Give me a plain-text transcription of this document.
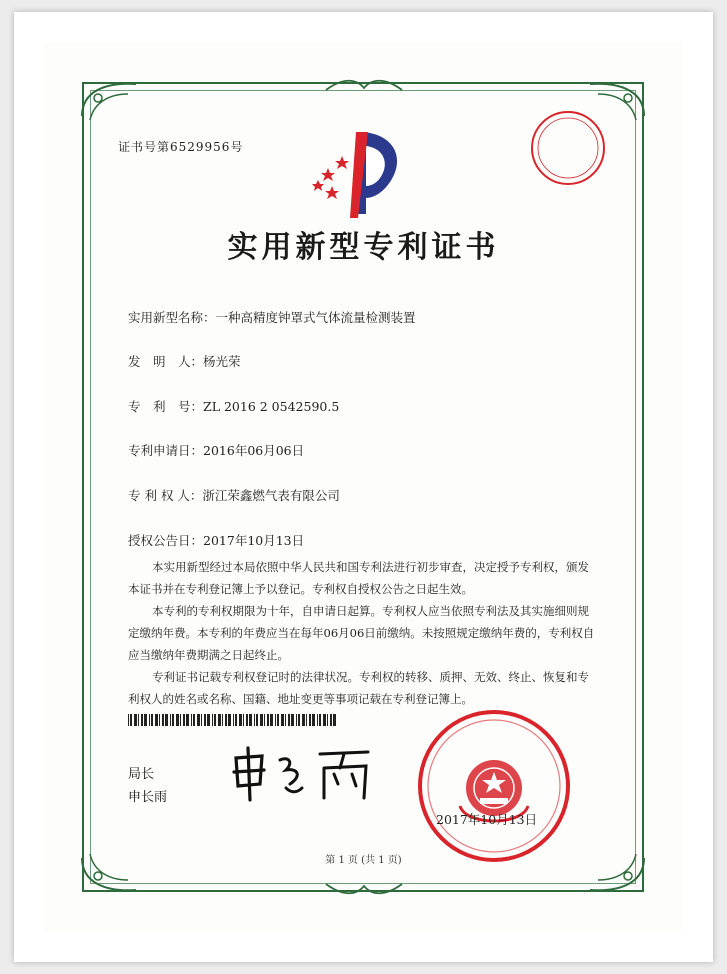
证书号第6529956号
实用新型专利证书
实用新型名称：一种高精度钟罩式气体流量检测装置
发　明　人：杨光荣
专　利　号：ZL 2016 2 0542590.5
专利申请日：2016年06月06日
专 利 权 人：浙江荣鑫燃气表有限公司
授权公告日：2017年10月13日

本实用新型经过本局依照中华人民共和国专利法进行初步审查，决定授予专利权，颁发本证书并在专利登记簿上予以登记。专利权自授权公告之日起生效。

本专利的专利权期限为十年，自申请日起算。专利权人应当依照专利法及其实施细则规定缴纳年费。本专利的年费应当在每年06月06日前缴纳。未按照规定缴纳年费的，专利权自应当缴纳年费期满之日起终止。

专利证书记载专利权登记时的法律状况。专利权的转移、质押、无效、终止、恢复和专利权人的姓名或名称、国籍、地址变更等事项记载在专利登记簿上。

局长
申长雨
2017年10月13日
第 1 页 (共 1 页)
